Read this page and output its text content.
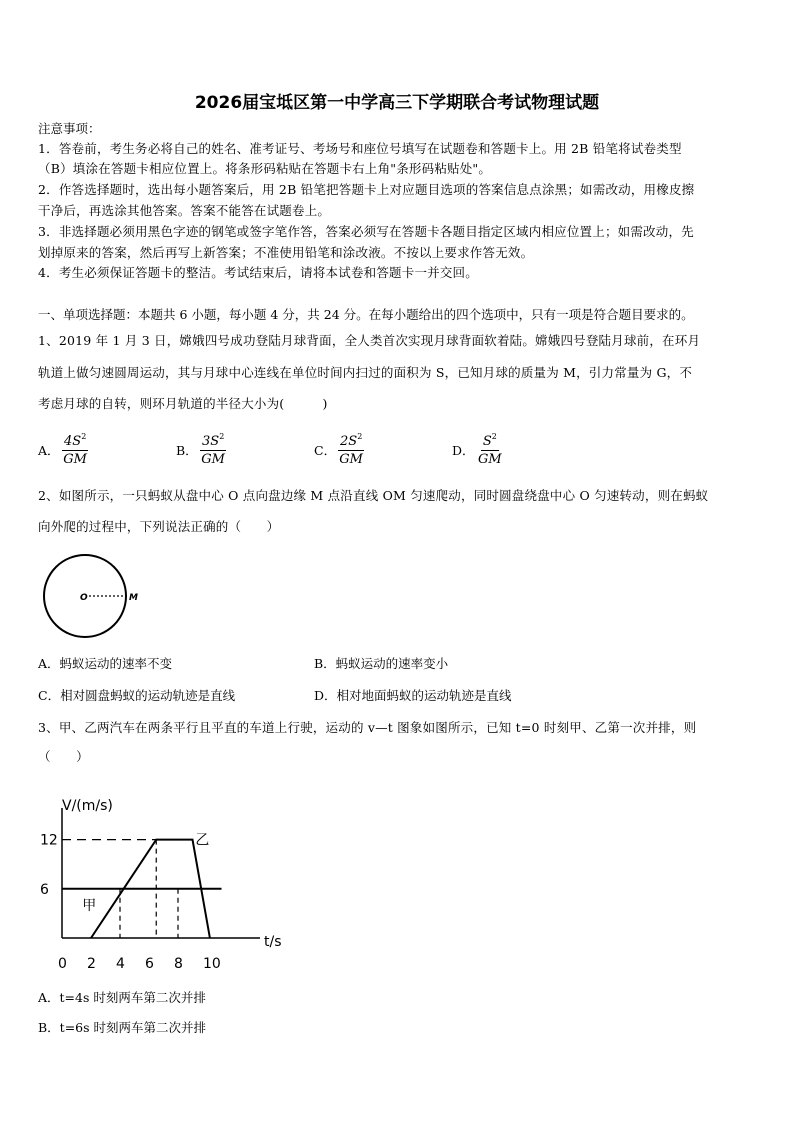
2026届宝坻区第一中学高三下学期联合考试物理试题
注意事项：
1．答卷前，考生务必将自己的姓名、准考证号、考场号和座位号填写在试题卷和答题卡上。用 2B 铅笔将试卷类型
（B）填涂在答题卡相应位置上。将条形码粘贴在答题卡右上角"条形码粘贴处"。
2．作答选择题时，选出每小题答案后，用 2B 铅笔把答题卡上对应题目选项的答案信息点涂黑；如需改动，用橡皮擦
干净后，再选涂其他答案。答案不能答在试题卷上。
3．非选择题必须用黑色字迹的钢笔或签字笔作答，答案必须写在答题卡各题目指定区域内相应位置上；如需改动，先
划掉原来的答案，然后再写上新答案；不准使用铅笔和涂改液。不按以上要求作答无效。
4．考生必须保证答题卡的整洁。考试结束后，请将本试卷和答题卡一并交回。
一、单项选择题：本题共 6 小题，每小题 4 分，共 24 分。在每小题给出的四个选项中，只有一项是符合题目要求的。
1、2019 年 1 月 3 日，嫦娥四号成功登陆月球背面，全人类首次实现月球背面软着陆。嫦娥四号登陆月球前，在环月
轨道上做匀速圆周运动，其与月球中心连线在单位时间内扫过的面积为 S，已知月球的质量为 M，引力常量为 G，不
考虑月球的自转，则环月轨道的半径大小为(　　　)
A． $\frac{4S^2}{GM}$	B． $\frac{3S^2}{GM}$	C． $\frac{2S^2}{GM}$	D． $\frac{S^2}{GM}$
2、如图所示，一只蚂蚁从盘中心 O 点向盘边缘 M 点沿直线 OM 匀速爬动，同时圆盘绕盘中心 O 匀速转动，则在蚂蚁
向外爬的过程中，下列说法正确的（　　）
O	M
A．蚂蚁运动的速率不变	B．蚂蚁运动的速率变小
C．相对圆盘蚂蚁的运动轨迹是直线	D．相对地面蚂蚁的运动轨迹是直线
3、甲、乙两汽车在两条平行且平直的车道上行驶，运动的 v—t 图象如图所示，已知 t=0 时刻甲、乙第一次并排，则
（　　）
V/(m/s)
t/s
甲
乙
0 2 4 6 8 10
6
12
A．t=4s 时刻两车第二次并排
B．t=6s 时刻两车第二次并排
